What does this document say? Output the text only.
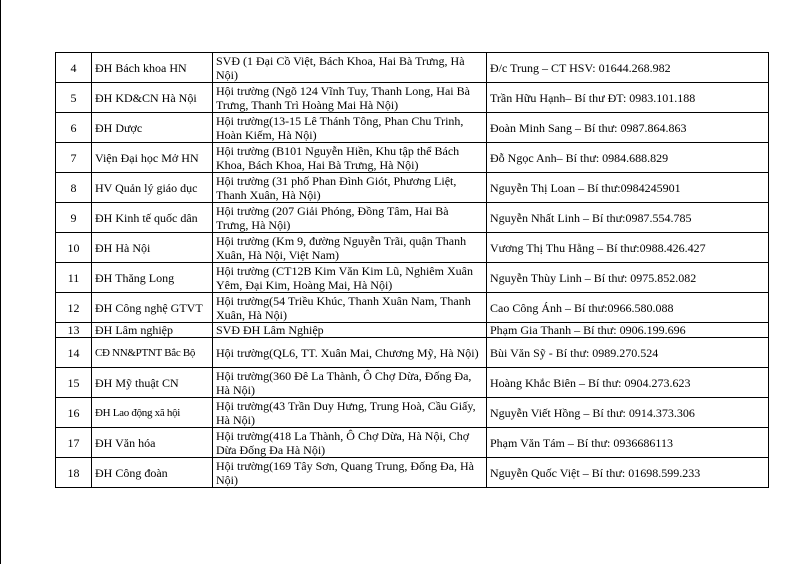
4	ĐH Bách khoa HN	SVĐ (1 Đại Cồ Việt, Bách Khoa, Hai Bà Trưng, Hà Nội)	Đ/c Trung – CT HSV: 01644.268.982
5	ĐH KD&CN Hà Nội	Hội trường (Ngõ 124 Vĩnh Tuy, Thanh Long, Hai Bà Trưng, Thanh Trì Hoàng Mai Hà Nội)	Trần Hữu Hạnh– Bí thư ĐT: 0983.101.188
6	ĐH Dược	Hội trường(13-15 Lê Thánh Tông, Phan Chu Trinh, Hoàn Kiếm, Hà Nội)	Đoàn Minh Sang – Bí thư: 0987.864.863
7	Viện Đại học Mở HN	Hội trường (B101 Nguyễn Hiền, Khu tập thể Bách Khoa, Bách Khoa, Hai Bà Trưng, Hà Nội)	Đỗ Ngọc Anh– Bí thư: 0984.688.829
8	HV Quản lý giáo dục	Hội trường (31 phố Phan Đình Giót, Phương Liệt, Thanh Xuân, Hà Nội)	Nguyễn Thị Loan – Bí thư:0984245901
9	ĐH Kinh tế quốc dân	Hội trường (207 Giải Phóng, Đồng Tâm, Hai Bà Trưng, Hà Nội)	Nguyễn Nhất Linh – Bí thư:0987.554.785
10	ĐH Hà Nội	Hội trường (Km 9, đường Nguyễn Trãi, quận Thanh Xuân, Hà Nội, Việt Nam)	Vương Thị Thu Hằng – Bí thư:0988.426.427
11	ĐH Thăng Long	Hội trường (CT12B Kim Văn Kim Lũ, Nghiêm Xuân Yêm, Đại Kim, Hoàng Mai, Hà Nội)	Nguyễn Thùy Linh – Bí thư: 0975.852.082
12	ĐH Công nghệ GTVT	Hội trường(54 Triều Khúc, Thanh Xuân Nam, Thanh Xuân, Hà Nội)	Cao Công Ánh – Bí thư:0966.580.088
13	ĐH Lâm nghiệp	SVĐ ĐH Lâm Nghiệp	Phạm Gia Thanh – Bí thư: 0906.199.696
14	CĐ NN&PTNT Bắc Bộ	Hội trường(QL6, TT. Xuân Mai, Chương Mỹ, Hà Nội)	Bùi Văn Sỹ - Bí thư: 0989.270.524
15	ĐH Mỹ thuật CN	Hội trường(360 Đê La Thành, Ô Chợ Dừa, Đống Đa, Hà Nội)	Hoàng Khắc Biên – Bí thư: 0904.273.623
16	ĐH Lao động xã hội	Hội trường(43 Trần Duy Hưng, Trung Hoà, Cầu Giấy, Hà Nội)	Nguyễn Viết Hồng – Bí thư: 0914.373.306
17	ĐH Văn hóa	Hội trường(418 La Thành, Ô Chợ Dừa, Hà Nội, Chợ Dừa Đống Đa Hà Nội)	Phạm Văn Tám – Bí thư: 0936686113
18	ĐH Công đoàn	Hội trường(169 Tây Sơn, Quang Trung, Đống Đa, Hà Nội)	Nguyễn Quốc Việt – Bí thư: 01698.599.233
